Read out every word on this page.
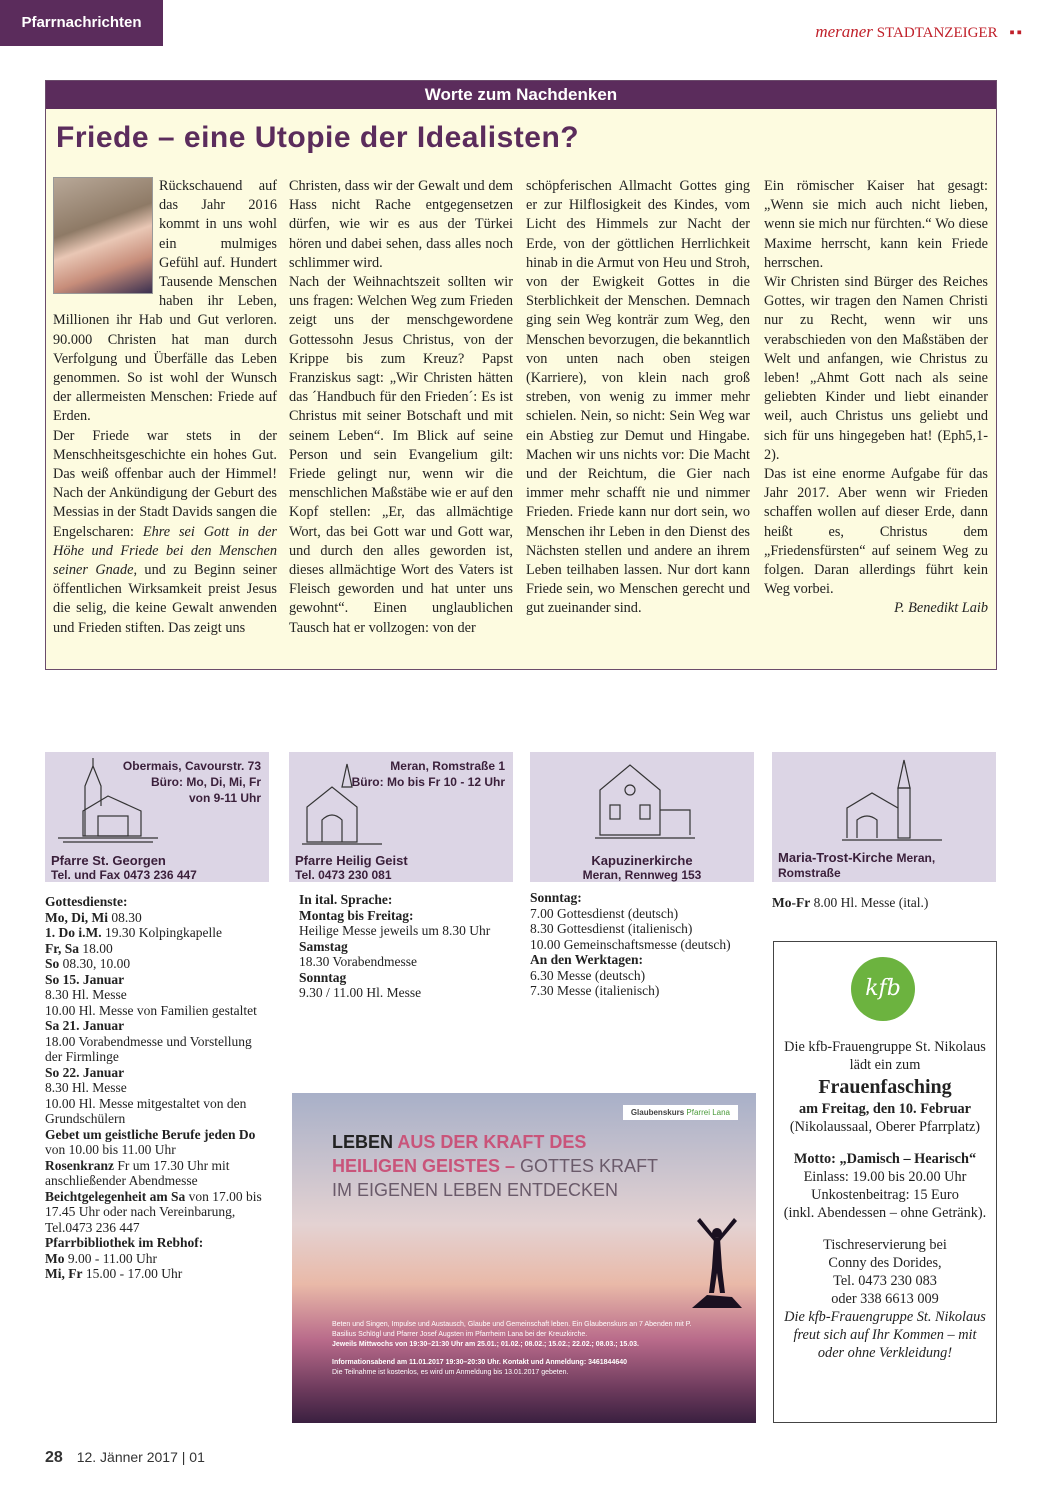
Pfarrnachrichten	meraner STADTANZEIGER ▪▪
Worte zum Nachdenken
Friede – eine Utopie der Idealisten?

Rückschauend auf das Jahr 2016 kommt in uns wohl ein mulmiges Gefühl auf. Hundert Tausende Menschen haben ihr Leben, Millionen ihr Hab und Gut verloren. 90.000 Christen hat man durch Verfolgung und Überfälle das Leben genommen. So ist wohl der Wunsch der allermeisten Menschen: Friede auf Erden.

Der Friede war stets in der Menschheitsgeschichte ein hohes Gut. Das weiß offenbar auch der Himmel! Nach der Ankündigung der Geburt des Messias in der Stadt Davids sangen die Engelscharen: Ehre sei Gott in der Höhe und Friede bei den Menschen seiner Gnade, und zu Beginn seiner öffentlichen Wirksamkeit preist Jesus die selig, die keine Gewalt anwenden und Frieden stiften. Das zeigt uns

Christen, dass wir der Gewalt und dem Hass nicht Rache entgegensetzen dürfen, wie wir es aus der Türkei hören und dabei sehen, dass alles noch schlimmer wird.

Nach der Weihnachtszeit sollten wir uns fragen: Welchen Weg zum Frieden zeigt uns der menschgewordene Gottessohn Jesus Christus, von der Krippe bis zum Kreuz? Papst Franziskus sagt: „Wir Christen hätten das ´Handbuch für den Frieden´: Es ist Christus mit seiner Botschaft und mit seinem Leben“. Im Blick auf seine Person und sein Evangelium gilt: Friede gelingt nur, wenn wir die menschlichen Maßstäbe wie er auf den Kopf stellen: „Er, das allmächtige Wort, das bei Gott war und Gott war, und durch den alles geworden ist, dieses allmächtige Wort des Vaters ist Fleisch geworden und hat unter uns gewohnt“. Einen unglaublichen Tausch hat er vollzogen: von der

schöpferischen Allmacht Gottes ging er zur Hilflosigkeit des Kindes, vom Licht des Himmels zur Nacht der Erde, von der göttlichen Herrlichkeit hinab in die Armut von Heu und Stroh, von der Ewigkeit Gottes in die Sterblichkeit der Menschen. Demnach ging sein Weg konträr zum Weg, den Menschen bevorzugen, die bekanntlich von unten nach oben steigen (Karriere), von klein nach groß streben, von wenig zu immer mehr schielen. Nein, so nicht: Sein Weg war ein Abstieg zur Demut und Hingabe. Machen wir uns nichts vor: Die Macht und der Reichtum, die Gier nach immer mehr schafft nie und nimmer Frieden. Friede kann nur dort sein, wo Menschen ihr Leben in den Dienst des Nächsten stellen und andere an ihrem Leben teilhaben lassen. Nur dort kann Friede sein, wo Menschen gerecht und gut zueinander sind.

Ein römischer Kaiser hat gesagt: „Wenn sie mich auch nicht lieben, wenn sie mich nur fürchten.“ Wo diese Maxime herrscht, kann kein Friede herrschen.

Wir Christen sind Bürger des Reiches Gottes, wir tragen den Namen Christi nur zu Recht, wenn wir uns verabschieden von den Maßstäben der Welt und anfangen, wie Christus zu leben! „Ahmt Gott nach als seine geliebten Kinder und liebt einander weil, auch Christus uns geliebt und sich für uns hingegeben hat! (Eph5,1-2).

Das ist eine enorme Aufgabe für das Jahr 2017. Aber wenn wir Frieden schaffen wollen auf dieser Erde, dann heißt es, Christus dem „Friedensfürsten“ auf seinem Weg zu folgen. Daran allerdings führt kein Weg vorbei.

P. Benedikt Laib
Obermais, Cavourstr. 73
Büro: Mo, Di, Mi, Fr
von 9-11 Uhr
Pfarre St. Georgen
Tel. und Fax 0473 236 447
Meran, Romstraße 1
Büro: Mo bis Fr 10 - 12 Uhr
Pfarre Heilig Geist
Tel. 0473 230 081
Kapuzinerkirche
Meran, Rennweg 153
Maria-Trost-Kirche Meran, Romstraße
Gottesdienste:
Mo, Di, Mi 08.30
1. Do i.M. 19.30 Kolpingkapelle
Fr, Sa 18.00
So 08.30, 10.00
So 15. Januar
8.30 Hl. Messe
10.00 Hl. Messe von Familien gestaltet
Sa 21. Januar
18.00 Vorabendmesse und Vorstellung der Firmlinge
So 22. Januar
8.30 Hl. Messe
10.00 Hl. Messe mitgestaltet von den Grundschülern
Gebet um geistliche Berufe jeden Do
von 10.00 bis 11.00 Uhr
Rosenkranz Fr um 17.30 Uhr mit anschließender Abendmesse
Beichtgelegenheit am Sa von 17.00 bis 17.45 Uhr oder nach Vereinbarung, Tel.0473 236 447
Pfarrbibliothek im Rebhof:
Mo 9.00 - 11.00 Uhr
Mi, Fr 15.00 - 17.00 Uhr
In ital. Sprache:
Montag bis Freitag:
Heilige Messe jeweils um 8.30 Uhr
Samstag
18.30 Vorabendmesse
Sonntag
9.30 / 11.00 Hl. Messe
Sonntag:
7.00 Gottesdienst (deutsch)
8.30 Gottesdienst (italienisch)
10.00 Gemeinschaftsmesse (deutsch)
An den Werktagen:
6.30 Messe (deutsch)
7.30 Messe (italienisch)
Mo-Fr 8.00 Hl. Messe (ital.)
Glaubenskurs Pfarrei Lana
LEBEN AUS DER KRAFT DES
HEILIGEN GEISTES – GOTTES KRAFT
IM EIGENEN LEBEN ENTDECKEN
Beten und Singen, Impulse und Austausch, Glaube und Gemeinschaft leben. Ein Glaubenskurs an 7 Abenden mit P. Basilius Schlögl und Pfarrer Josef Augsten im Pfarrheim Lana bei der Kreuzkirche.
Jeweils Mittwochs von 19:30–21:30 Uhr am 25.01.; 01.02.; 08.02.; 15.02.; 22.02.; 08.03.; 15.03.
Informationsabend am 11.01.2017 19:30–20:30 Uhr. Kontakt und Anmeldung: 3461844640
Die Teilnahme ist kostenlos, es wird um Anmeldung bis 13.01.2017 gebeten.
kfb
Die kfb-Frauengruppe St. Nikolaus lädt ein zum
Frauenfasching
am Freitag, den 10. Februar
(Nikolaussaal, Oberer Pfarrplatz)
Motto: „Damisch – Hearisch“
Einlass: 19.00 bis 20.00 Uhr
Unkostenbeitrag: 15 Euro
(inkl. Abendessen – ohne Getränk).
Tischreservierung bei
Conny des Dorides,
Tel. 0473 230 083
oder 338 6613 009
Die kfb-Frauengruppe St. Nikolaus freut sich auf Ihr Kommen – mit oder ohne Verkleidung!
28 12. Jänner 2017 | 01
